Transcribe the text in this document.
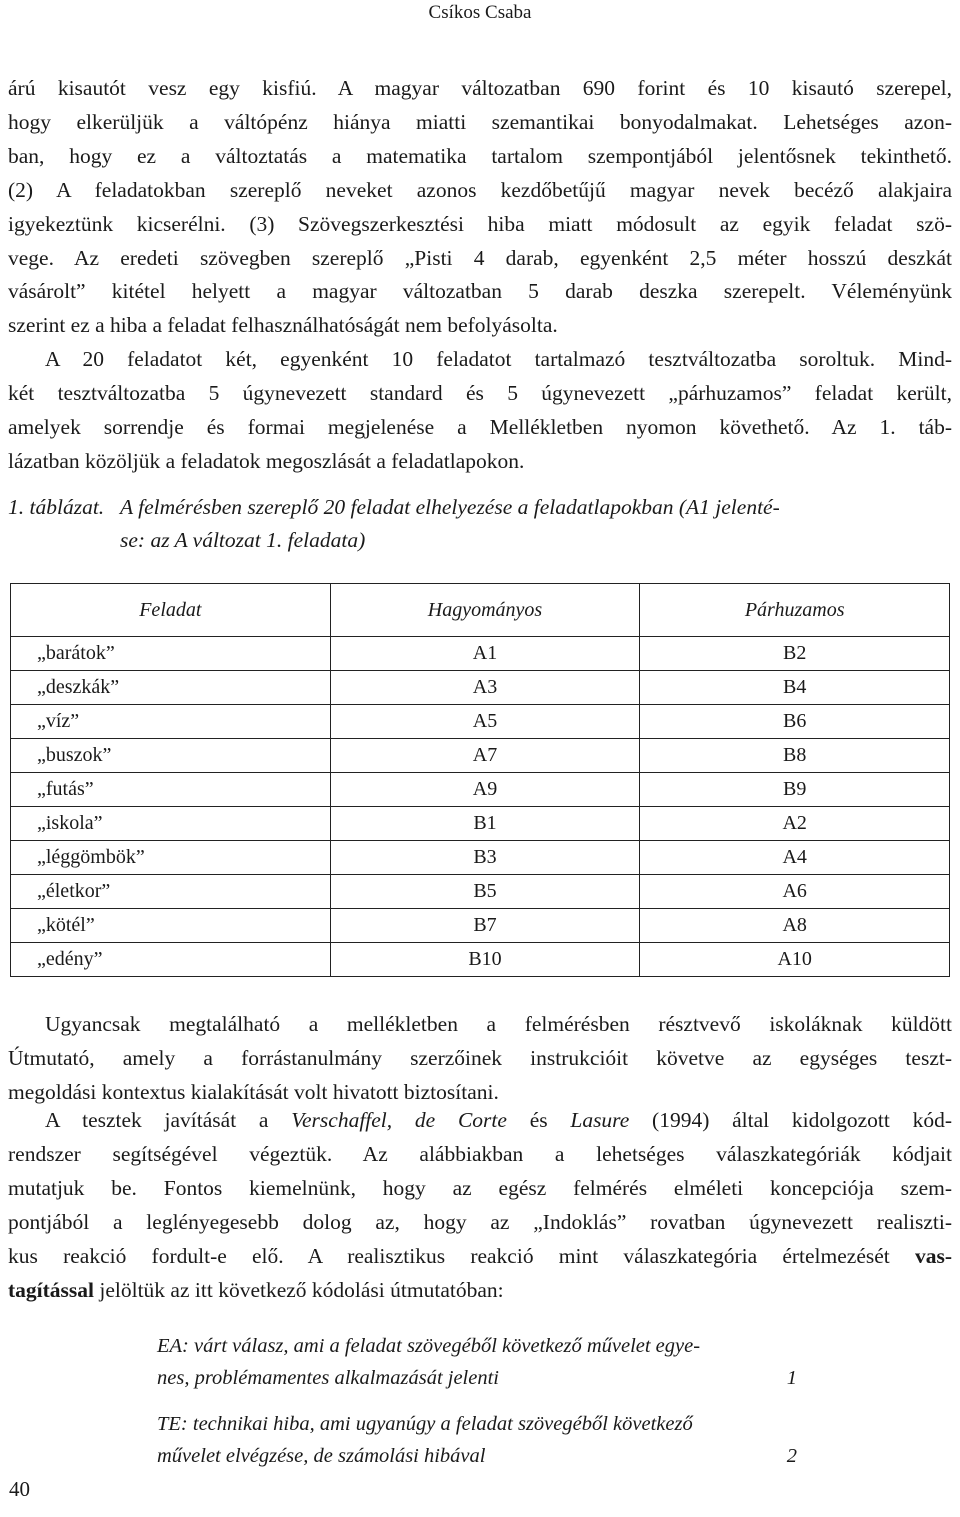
Csíkos Csaba
árú kisautót vesz egy kisfiú. A magyar változatban 690 forint és 10 kisautó szerepel,
hogy elkerüljük a váltópénz hiánya miatti szemantikai bonyodalmakat. Lehetséges azon-
ban, hogy ez a változtatás a matematika tartalom szempontjából jelentősnek tekinthető.
(2) A feladatokban szereplő neveket azonos kezdőbetűjű magyar nevek becéző alakjaira
igyekeztünk kicserélni. (3) Szövegszerkesztési hiba miatt módosult az egyik feladat szö-
vege. Az eredeti szövegben szereplő „Pisti 4 darab, egyenként 2,5 méter hosszú deszkát
vásárolt” kitétel helyett a magyar változatban 5 darab deszka szerepelt. Véleményünk
szerint ez a hiba a feladat felhasználhatóságát nem befolyásolta.
A 20 feladatot két, egyenként 10 feladatot tartalmazó tesztváltozatba soroltuk. Mind-
két tesztváltozatba 5 úgynevezett standard és 5 úgynevezett „párhuzamos” feladat került,
amelyek sorrendje és formai megjelenése a Mellékletben nyomon követhető. Az 1. táb-
lázatban közöljük a feladatok megoszlását a feladatlapokon.
1. táblázat. A felmérésben szereplő 20 feladat elhelyezése a feladatlapokban (A1 jelenté-
se: az A változat 1. feladata)
Feladat	Hagyományos	Párhuzamos
„barátok”	A1	B2
„deszkák”	A3	B4
„víz”	A5	B6
„buszok”	A7	B8
„futás”	A9	B9
„iskola”	B1	A2
„léggömbök”	B3	A4
„életkor”	B5	A6
„kötél”	B7	A8
„edény”	B10	A10
Ugyancsak megtalálható a mellékletben a felmérésben résztvevő iskoláknak küldött
Útmutató, amely a forrástanulmány szerzőinek instrukcióit követve az egységes teszt-
megoldási kontextus kialakítását volt hivatott biztosítani.
A tesztek javítását a Verschaffel, de Corte és Lasure (1994) által kidolgozott kód-
rendszer segítségével végeztük. Az alábbiakban a lehetséges válaszkategóriák kódjait
mutatjuk be. Fontos kiemelnünk, hogy az egész felmérés elméleti koncepciója szem-
pontjából a leglényegesebb dolog az, hogy az „Indoklás” rovatban úgynevezett realiszti-
kus reakció fordult-e elő. A realisztikus reakció mint válaszkategória értelmezését vas-
tagítással jelöltük az itt következő kódolási útmutatóban:
EA: várt válasz, ami a feladat szövegéből következő művelet egye-
nes, problémamentes alkalmazását jelenti	1
TE: technikai hiba, ami ugyanúgy a feladat szövegéből következő
művelet elvégzése, de számolási hibával	2
40
